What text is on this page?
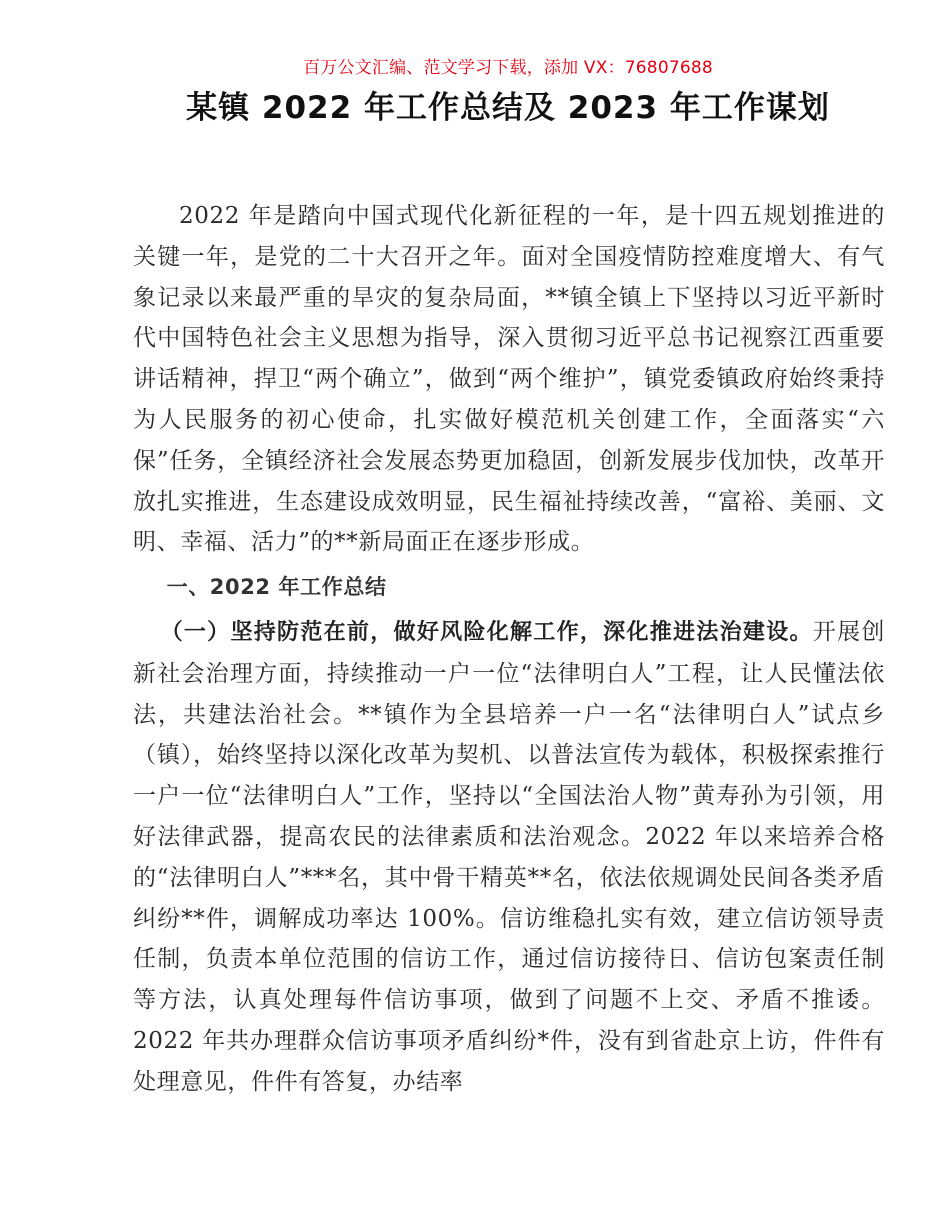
百万公文汇编、范文学习下载，添加 VX：76807688
某镇 2022 年工作总结及 2023 年工作谋划

2022 年是踏向中国式现代化新征程的一年，是十四五规划推进的关键一年，是党的二十大召开之年。面对全国疫情防控难度增大、有气象记录以来最严重的旱灾的复杂局面，**镇全镇上下坚持以习近平新时代中国特色社会主义思想为指导，深入贯彻习近平总书记视察江西重要讲话精神，捍卫“两个确立”，做到“两个维护”，镇党委镇政府始终秉持为人民服务的初心使命，扎实做好模范机关创建工作，全面落实“六保”任务，全镇经济社会发展态势更加稳固，创新发展步伐加快，改革开放扎实推进，生态建设成效明显，民生福祉持续改善，“富裕、美丽、文明、幸福、活力”的**新局面正在逐步形成。

一、2022 年工作总结

（一）坚持防范在前，做好风险化解工作，深化推进法治建设。开展创新社会治理方面，持续推动一户一位“法律明白人”工程，让人民懂法依法，共建法治社会。**镇作为全县培养一户一名“法律明白人”试点乡（镇），始终坚持以深化改革为契机、以普法宣传为载体，积极探索推行一户一位“法律明白人”工作，坚持以“全国法治人物”黄寿孙为引领，用好法律武器，提高农民的法律素质和法治观念。2022 年以来培养合格的“法律明白人”***名，其中骨干精英**名，依法依规调处民间各类矛盾纠纷**件，调解成功率达 100%。信访维稳扎实有效，建立信访领导责任制，负责本单位范围的信访工作，通过信访接待日、信访包案责任制等方法，认真处理每件信访事项，做到了问题不上交、矛盾不推诿。2022 年共办理群众信访事项矛盾纠纷*件，没有到省赴京上访，件件有处理意见，件件有答复，办结率
